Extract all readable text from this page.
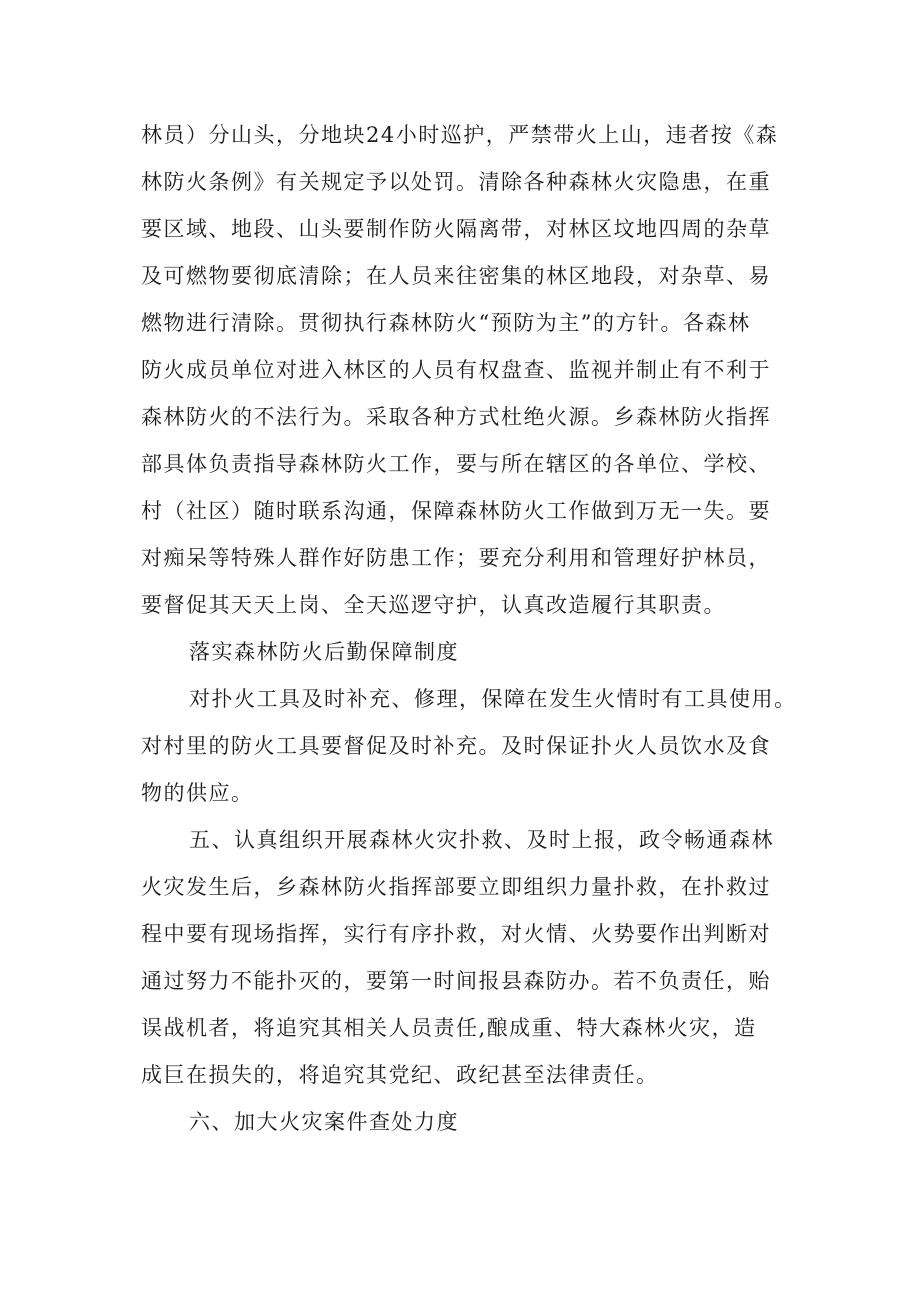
林员）分山头，分地块24小时巡护，严禁带火上山，违者按《森
林防火条例》有关规定予以处罚。清除各种森林火灾隐患，在重
要区域、地段、山头要制作防火隔离带，对林区坟地四周的杂草
及可燃物要彻底清除；在人员来往密集的林区地段，对杂草、易
燃物进行清除。贯彻执行森林防火“预防为主”的方针。各森林
防火成员单位对进入林区的人员有权盘查、监视并制止有不利于
森林防火的不法行为。采取各种方式杜绝火源。乡森林防火指挥
部具体负责指导森林防火工作，要与所在辖区的各单位、学校、
村（社区）随时联系沟通，保障森林防火工作做到万无一失。要
对痴呆等特殊人群作好防患工作；要充分利用和管理好护林员，
要督促其天天上岗、全天巡逻守护，认真改造履行其职责。
落实森林防火后勤保障制度
对扑火工具及时补充、修理，保障在发生火情时有工具使用。
对村里的防火工具要督促及时补充。及时保证扑火人员饮水及食
物的供应。
五、认真组织开展森林火灾扑救、及时上报，政令畅通森林
火灾发生后，乡森林防火指挥部要立即组织力量扑救，在扑救过
程中要有现场指挥，实行有序扑救，对火情、火势要作出判断对
通过努力不能扑灭的，要第一时间报县森防办。若不负责任，贻
误战机者，将追究其相关人员责任,酿成重、特大森林火灾，造
成巨在损失的，将追究其党纪、政纪甚至法律责任。
六、加大火灾案件查处力度
